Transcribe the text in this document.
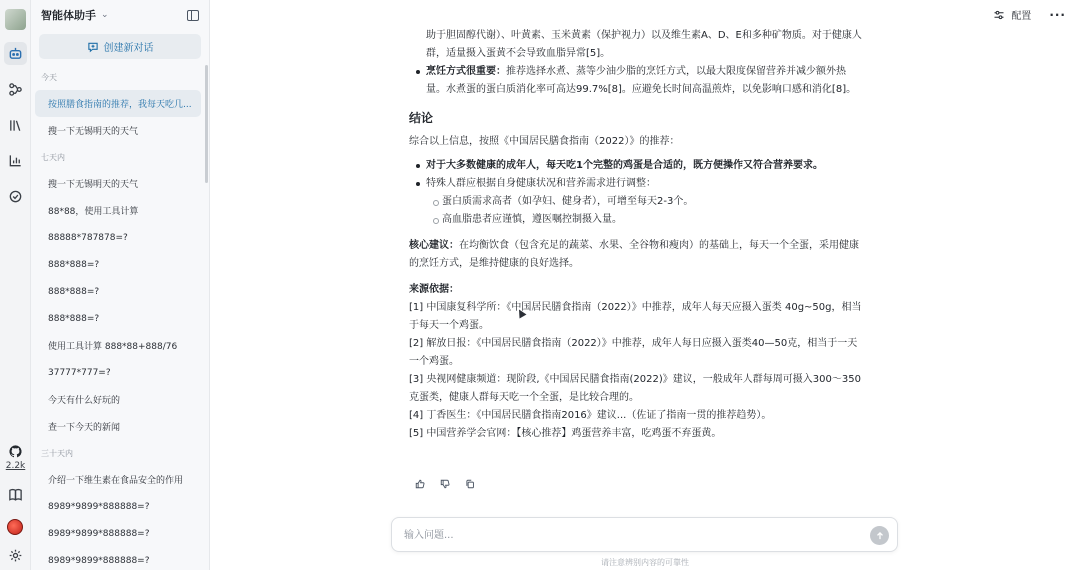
2.2k
智能体助手 ⌄
创建新对话
今天
按照膳食指南的推荐，我每天吃几...
搜一下无锡明天的天气
七天内
搜一下无锡明天的天气
88*88，使用工具计算
88888*787878=?
888*888=?
888*888=?
888*888=?
使用工具计算 888*88+888/76
37777*777=?
今天有什么好玩的
查一下今天的新闻
三十天内
介绍一下维生素在食品安全的作用
8989*9899*888888=?
8989*9899*888888=?
8989*9899*888888=?
配置 ···

助于胆固醇代谢）、叶黄素、玉米黄素（保护视力）以及维生素A、D、E和多种矿物质。对于健康人

群，适量摄入蛋黄不会导致血脂异常[5]。

烹饪方式很重要：推荐选择水煮、蒸等少油少脂的烹饪方式，以最大限度保留营养并减少额外热
量。水煮蛋的蛋白质消化率可高达99.7%[8]。应避免长时间高温煎炸，以免影响口感和消化[8]。
结论

综合以上信息，按照《中国居民膳食指南（2022）》的推荐：

对于大多数健康的成年人，每天吃1个完整的鸡蛋是合适的，既方便操作又符合营养要求。
特殊人群应根据自身健康状况和营养需求进行调整：
蛋白质需求高者（如孕妇、健身者），可增至每天2-3个。
高血脂患者应谨慎，遵医嘱控制摄入量。

核心建议：在均衡饮食（包含充足的蔬菜、水果、全谷物和瘦肉）的基础上，每天一个全蛋，采用健康

的烹饪方式，是维持健康的良好选择。

来源依据：

[1] 中国康复科学所：《中国居民膳食指南（2022）》中推荐，成年人每天应摄入蛋类 40g~50g，相当

于每天一个鸡蛋。

[2] 解放日报：《中国居民膳食指南（2022）》中推荐，成年人每日应摄入蛋类40—50克，相当于一天

一个鸡蛋。

[3] 央视网健康频道：现阶段,《中国居民膳食指南(2022)》建议，一般成年人群每周可摄入300～350

克蛋类，健康人群每天吃一个全蛋，是比较合理的。

[4] 丁香医生：《中国居民膳食指南2016》建议...（佐证了指南一贯的推荐趋势）。

[5] 中国营养学会官网：【核心推荐】鸡蛋营养丰富，吃鸡蛋不弃蛋黄。

输入问题...
请注意辨别内容的可靠性
